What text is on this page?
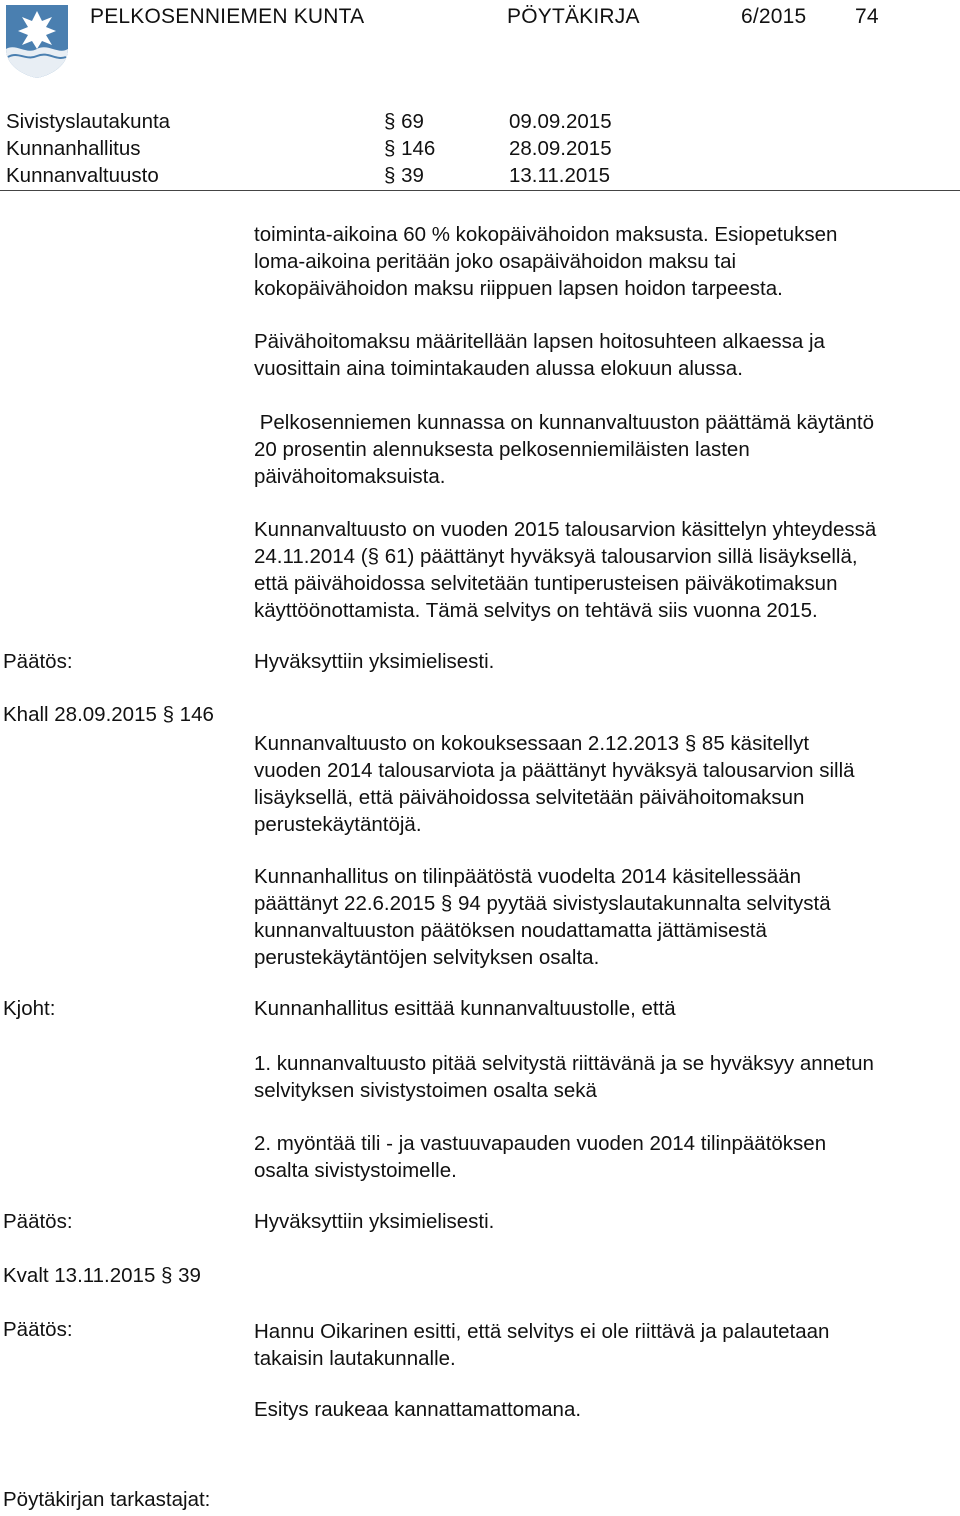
PELKOSENNIEMEN KUNTA	PÖYTÄKIRJA	6/2015 74
Sivistyslautakunta	§ 69	09.09.2015
Kunnanhallitus	§ 146	28.09.2015
Kunnanvaltuusto	§ 39	13.11.2015
toiminta-aikoina 60 % kokopäivähoidon maksusta. Esiopetuksen
loma-aikoina peritään joko osapäivähoidon maksu tai
kokopäivähoidon maksu riippuen lapsen hoidon tarpeesta.
Päivähoitomaksu määritellään lapsen hoitosuhteen alkaessa ja
vuosittain aina toimintakauden alussa elokuun alussa.
Pelkosenniemen kunnassa on kunnanvaltuuston päättämä käytäntö
20 prosentin alennuksesta pelkosenniemiläisten lasten
päivähoitomaksuista.
Kunnanvaltuusto on vuoden 2015 talousarvion käsittelyn yhteydessä
24.11.2014 (§ 61) päättänyt hyväksyä talousarvion sillä lisäyksellä,
että päivähoidossa selvitetään tuntiperusteisen päiväkotimaksun
käyttöönottamista. Tämä selvitys on tehtävä siis vuonna 2015.
Päätös:	Hyväksyttiin yksimielisesti.
Khall 28.09.2015 § 146
Kunnanvaltuusto on kokouksessaan 2.12.2013 § 85 käsitellyt
vuoden 2014 talousarviota ja päättänyt hyväksyä talousarvion sillä
lisäyksellä, että päivähoidossa selvitetään päivähoitomaksun
perustekäytäntöjä.
Kunnanhallitus on tilinpäätöstä vuodelta 2014 käsitellessään
päättänyt 22.6.2015 § 94 pyytää sivistyslautakunnalta selvitystä
kunnanvaltuuston päätöksen noudattamatta jättämisestä
perustekäytäntöjen selvityksen osalta.
Kjoht:	Kunnanhallitus esittää kunnanvaltuustolle, että
1. kunnanvaltuusto pitää selvitystä riittävänä ja se hyväksyy annetun
selvityksen sivistystoimen osalta sekä
2. myöntää tili - ja vastuuvapauden vuoden 2014 tilinpäätöksen
osalta sivistystoimelle.
Päätös:	Hyväksyttiin yksimielisesti.
Kvalt 13.11.2015 § 39
Päätös:	Hannu Oikarinen esitti, että selvitys ei ole riittävä ja palautetaan
takaisin lautakunnalle.
Esitys raukeaa kannattamattomana.
Pöytäkirjan tarkastajat:
